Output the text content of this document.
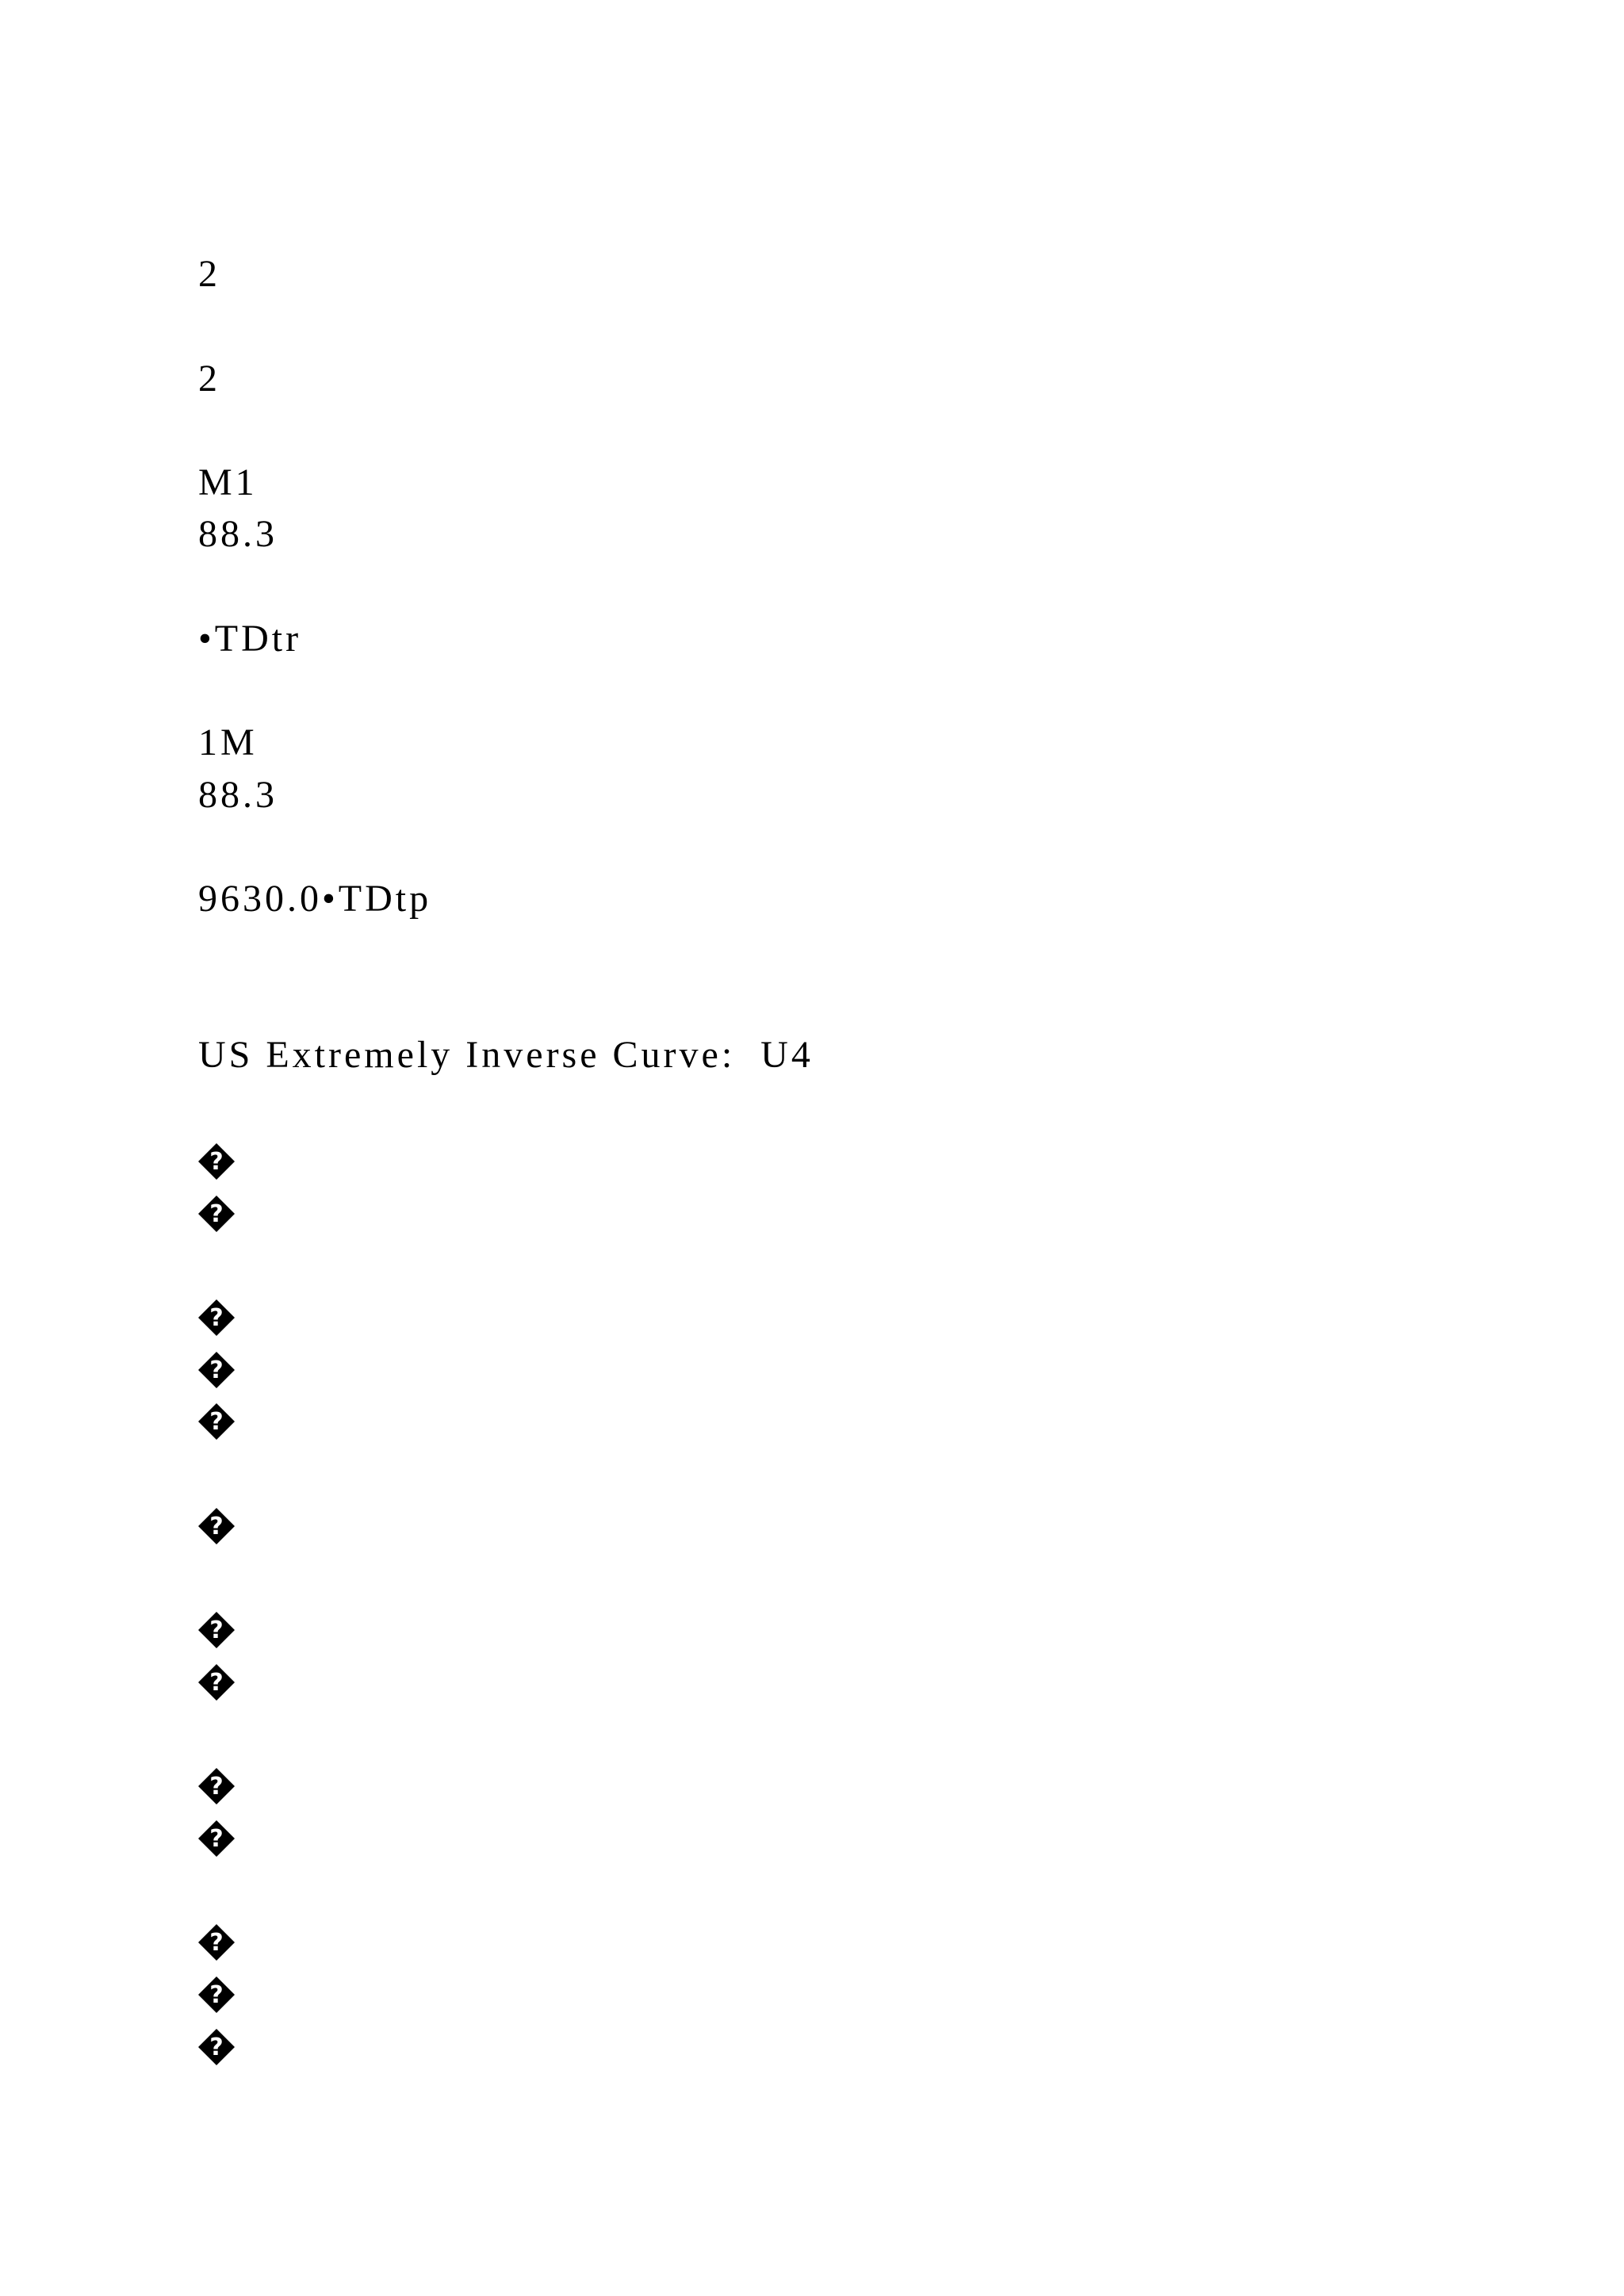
2
2
M1
88.3
•TDtr
1M
88.3
9630.0•TDtp
US Extremely Inverse Curve:  U4
?
?
?
?
?
?
?
?
?
?
?
?
?
